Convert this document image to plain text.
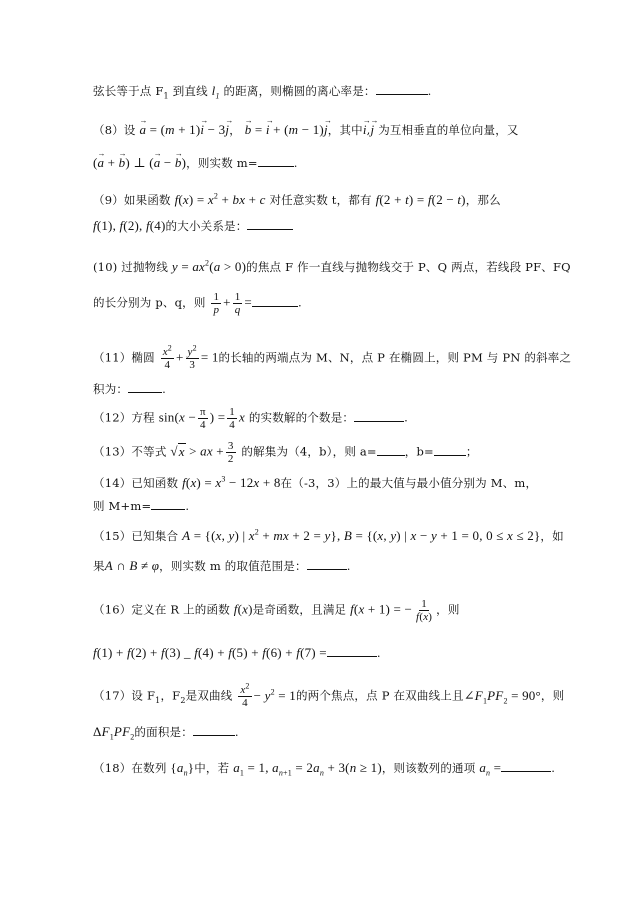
弦长等于点 $F_1$ 到直线 $l_1$ 的距离，则椭圆的离心率是：	.
（8）设 → a = (m + 1)→ i − 3→ j， → b = → i + (m − 1)→ j，其中→ i,→ j 为互相垂直的单位向量，又
(→ a + → b) ⊥ (→ a − → b)，则实数 m=	.
（9）如果函数 $f(x) = x^2$ + bx + c 对任意实数 t，都有 f(2 + t) = f(2 − t)，那么
f(1), f(2), f(4)的大小关系是：
(10) 过抛物线 $y = ax^2(a > 0)$的焦点 F 作一直线与抛物线交于 P、Q 两点，若线段 PF、FQ
的长分别为 p、q，则 $\frac{1}{p} + \frac{1}{q}$ =	.
（11）椭圆 $\frac{x^2}{4} + \frac{y^2}{3} = 1$的长轴的两端点为 M、N，点 P 在椭圆上，则 PM 与 PN 的斜率之
积为：	.
（12）方程 $\sin(x - \frac{\pi}{4}$ ) = $\frac{1}{4}$ x 的实数解的个数是：	.
（13）不等式 √x > ax + $\frac{3}{2}$ 的解集为（4，b），则 a= ，b=	；
（14）已知函数 $f(x) = x^3 - 12x + 8$在（-3，3）上的最大值与最小值分别为 M、m，
则 M+m=	.
（15）已知集合 A = {(x, y) | $x^2$ + mx + 2 = y}, B = {(x, y) | x − y + 1 = 0, 0 ≤ x ≤ 2}，如
果A ∩ B ≠ φ，则实数 m 的取值范围是：	.
（16）定义在 R 上的函数 f(x)是奇函数，且满足 f(x + 1) = − $\frac{1}{f(x)}$ ，则
f(1) + f(2) + f(3) _ f(4) + f(5) + f(6) + f(7) =	.
（17）设 $F_1$，$F_2$是双曲线 $\frac{x^2}{4} - y^2 = 1$的两个焦点，点 P 在双曲线上且$\angle F_1PF_2 = 90^\circ$，则
$\Delta F_1PF_2$的面积是：	.
（18）在数列 $\{a_n\}$中，若 $a_1 = 1$, $a_{n+1} = 2a_n + 3(n \ge 1)$，则该数列的通项 $a_n$ =	.
